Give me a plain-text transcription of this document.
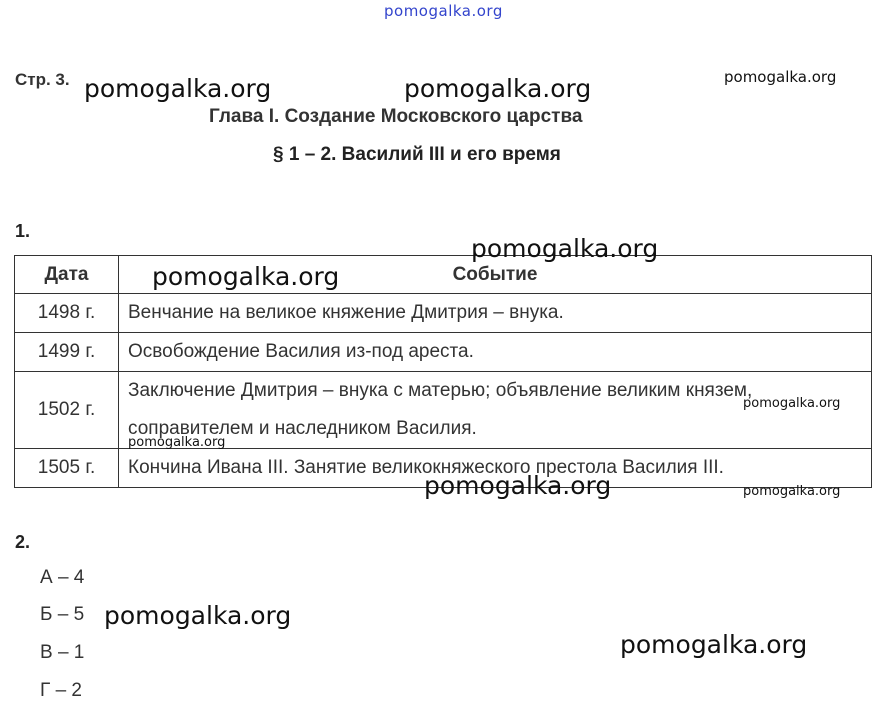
Стр. 3.
Глава I. Создание Московского царства
§ 1 – 2. Василий III и его время
1.
Дата	Событие
1498 г.	Венчание на великое княжение Дмитрия – внука.
1499 г.	Освобождение Василия из-под ареста.
1502 г.	Заключение Дмитрия – внука с матерью; объявление великим князем, соправителем и наследником Василия.
1505 г.	Кончина Ивана III. Занятие великокняжеского престола Василия III.
2.
А – 4
Б – 5
В – 1
Г – 2
pomogalka.org
pomogalka.org	pomogalka.org	pomogalka.org
pomogalka.org
pomogalka.org
pomogalka.org
pomogalka.org
pomogalka.org	pomogalka.org
pomogalka.org
pomogalka.org
